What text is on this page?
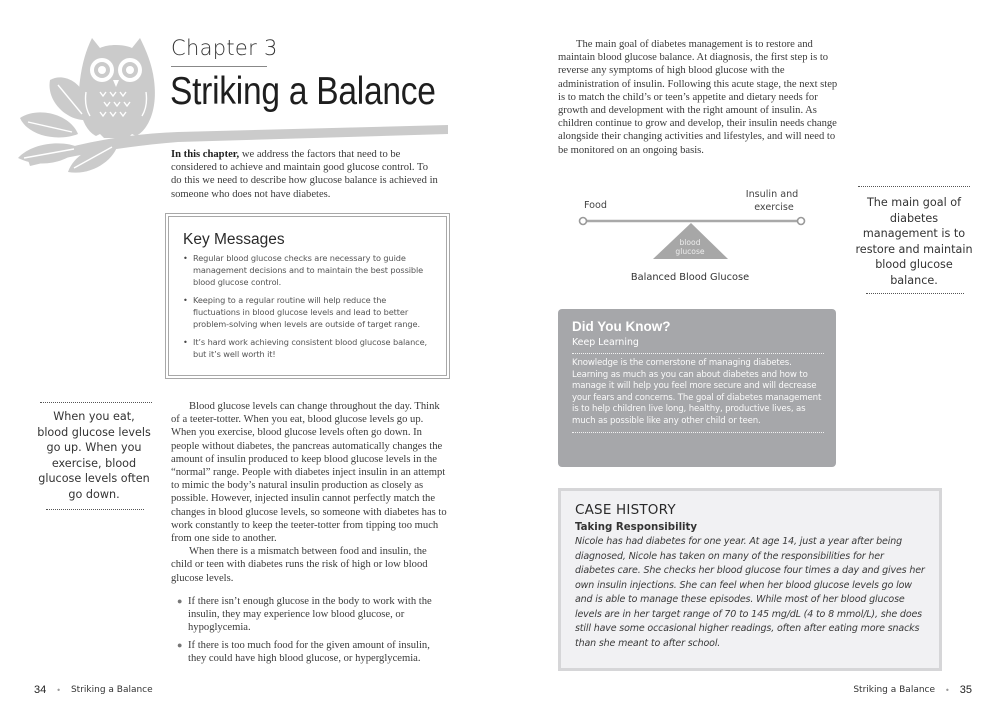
Chapter 3
Striking a Balance

In this chapter, we address the factors that need to be considered to achieve and maintain good glucose control. To do this we need to describe how glucose balance is achieved in someone who does not have diabetes.

Key Messages
• Regular blood glucose checks are necessary to guide management decisions and to maintain the best possible blood glucose control.
• Keeping to a regular routine will help reduce the fluctuations in blood glucose levels and lead to better problem-solving when levels are outside of target range.
• It’s hard work achieving consistent blood glucose balance, but it’s well worth it!
When you eat, blood glucose levels go up. When you exercise, blood glucose levels often go down.

Blood glucose levels can change throughout the day. Think of a teeter-totter. When you eat, blood glucose levels go up. When you exercise, blood glucose levels often go down. In people without diabetes, the pancreas automatically changes the amount of insulin produced to keep blood glucose levels in the “normal” range. People with diabetes inject insulin in an attempt to mimic the body’s natural insulin production as closely as possible. However, injected insulin cannot perfectly match the changes in blood glucose levels, so someone with diabetes has to work constantly to keep the teeter-totter from tipping too much from one side to another.

When there is a mismatch between food and insulin, the child or teen with diabetes runs the risk of high or low blood glucose levels.

● If there isn’t enough glucose in the body to work with the insulin, they may experience low blood glucose, or hypoglycemia.
● If there is too much food for the given amount of insulin, they could have high blood glucose, or hyperglycemia.

The main goal of diabetes management is to restore and maintain blood glucose balance. At diagnosis, the first step is to reverse any symptoms of high blood glucose with the administration of insulin. Following this acute stage, the next step is to match the child’s or teen’s appetite and dietary needs for growth and development with the right amount of insulin. As children continue to grow and develop, their insulin needs change alongside their changing activities and lifestyles, and will need to be monitored on an ongoing basis.

Food
Insulin and
exercise
blood
glucose
Balanced Blood Glucose
The main goal of diabetes management is to restore and maintain blood glucose balance.
Did You Know?
Keep Learning
Knowledge is the cornerstone of managing diabetes. Learning as much as you can about diabetes and how to manage it will help you feel more secure and will decrease your fears and concerns. The goal of diabetes management is to help children live long, healthy, productive lives, as much as possible like any other child or teen.
CASE HISTORY
Taking Responsibility
Nicole has had diabetes for one year. At age 14, just a year after being diagnosed, Nicole has taken on many of the responsibilities for her diabetes care. She checks her blood glucose four times a day and gives her own insulin injections. She can feel when her blood glucose levels go low and is able to manage these episodes. While most of her blood glucose levels are in her target range of 70 to 145 mg/dL (4 to 8 mmol/L), she does still have some occasional higher readings, often after eating more snacks than she meant to after school.
34 • Striking a Balance	Striking a Balance • 35
